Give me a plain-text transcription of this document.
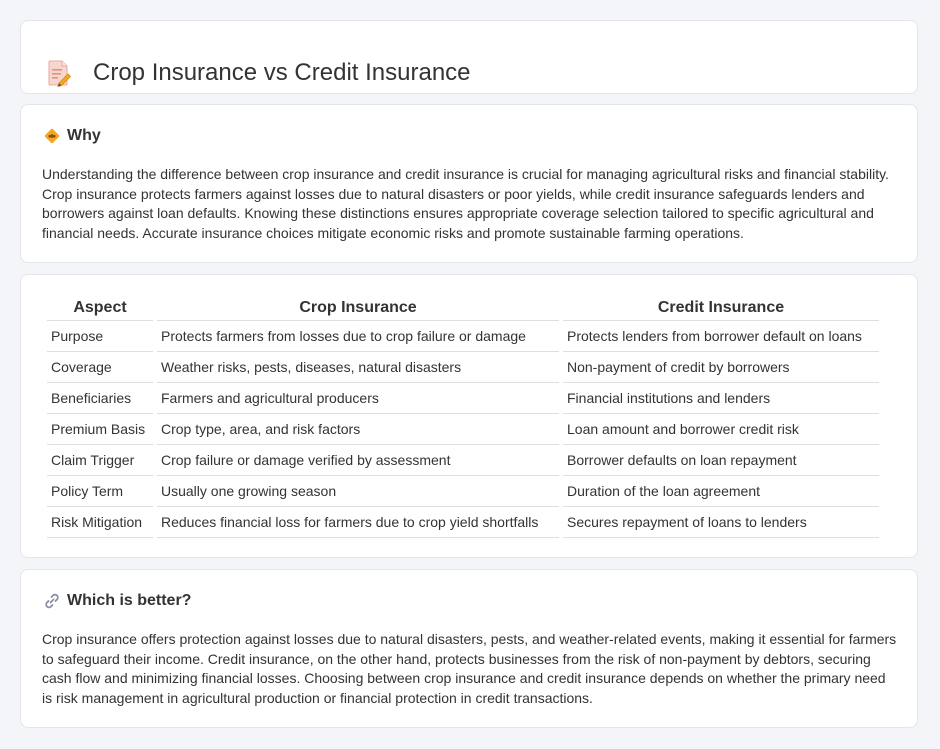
Crop Insurance vs Credit Insurance
Why

Understanding the difference between crop insurance and credit insurance is crucial for managing agricultural risks and financial stability. Crop insurance protects farmers against losses due to natural disasters or poor yields, while credit insurance safeguards lenders and borrowers against loan defaults. Knowing these distinctions ensures appropriate coverage selection tailored to specific agricultural and financial needs. Accurate insurance choices mitigate economic risks and promote sustainable farming operations.

Aspect	Crop Insurance	Credit Insurance
Purpose	Protects farmers from losses due to crop failure or damage	Protects lenders from borrower default on loans
Coverage	Weather risks, pests, diseases, natural disasters	Non-payment of credit by borrowers
Beneficiaries	Farmers and agricultural producers	Financial institutions and lenders
Premium Basis	Crop type, area, and risk factors	Loan amount and borrower credit risk
Claim Trigger	Crop failure or damage verified by assessment	Borrower defaults on loan repayment
Policy Term	Usually one growing season	Duration of the loan agreement
Risk Mitigation	Reduces financial loss for farmers due to crop yield shortfalls	Secures repayment of loans to lenders
Which is better?

Crop insurance offers protection against losses due to natural disasters, pests, and weather-related events, making it essential for farmers to safeguard their income. Credit insurance, on the other hand, protects businesses from the risk of non-payment by debtors, securing cash flow and minimizing financial losses. Choosing between crop insurance and credit insurance depends on whether the primary need is risk management in agricultural production or financial protection in credit transactions.
